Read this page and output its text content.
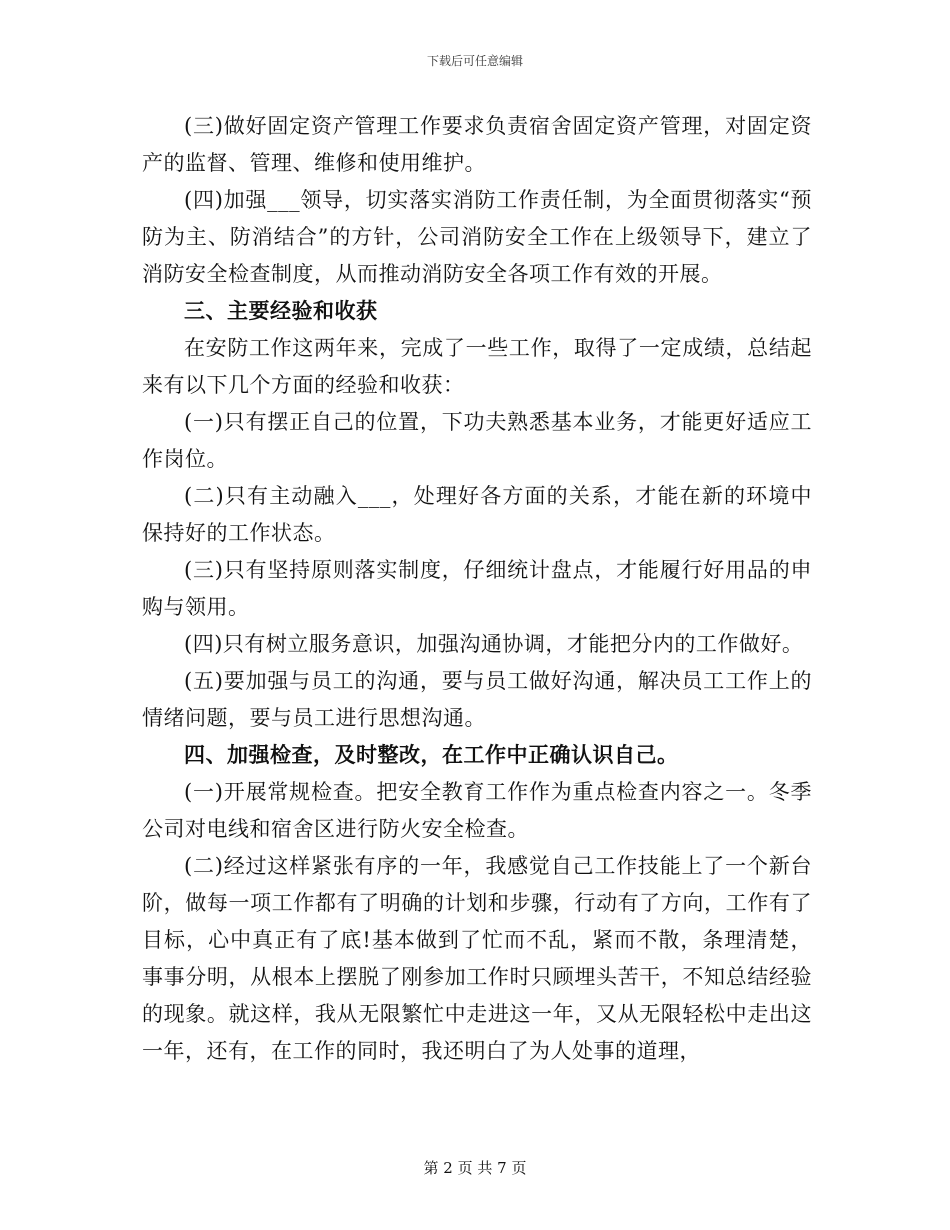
下载后可任意编辑

(三)做好固定资产管理工作要求负责宿舍固定资产管理，对固定资产的监督、管理、维修和使用维护。

(四)加强___领导，切实落实消防工作责任制，为全面贯彻落实“预防为主、防消结合”的方针，公司消防安全工作在上级领导下，建立了消防安全检查制度，从而推动消防安全各项工作有效的开展。

三、主要经验和收获

在安防工作这两年来，完成了一些工作，取得了一定成绩，总结起来有以下几个方面的经验和收获：

(一)只有摆正自己的位置，下功夫熟悉基本业务，才能更好适应工作岗位。

(二)只有主动融入___，处理好各方面的关系，才能在新的环境中保持好的工作状态。

(三)只有坚持原则落实制度，仔细统计盘点，才能履行好用品的申购与领用。

(四)只有树立服务意识，加强沟通协调，才能把分内的工作做好。

(五)要加强与员工的沟通，要与员工做好沟通，解决员工工作上的情绪问题，要与员工进行思想沟通。

四、加强检查，及时整改，在工作中正确认识自己。

(一)开展常规检查。把安全教育工作作为重点检查内容之一。冬季公司对电线和宿舍区进行防火安全检查。

(二)经过这样紧张有序的一年，我感觉自己工作技能上了一个新台阶，做每一项工作都有了明确的计划和步骤，行动有了方向，工作有了目标，心中真正有了底!基本做到了忙而不乱，紧而不散，条理清楚，事事分明，从根本上摆脱了刚参加工作时只顾埋头苦干，不知总结经验的现象。就这样，我从无限繁忙中走进这一年，又从无限轻松中走出这一年，还有，在工作的同时，我还明白了为人处事的道理，

第 2 页 共 7 页
